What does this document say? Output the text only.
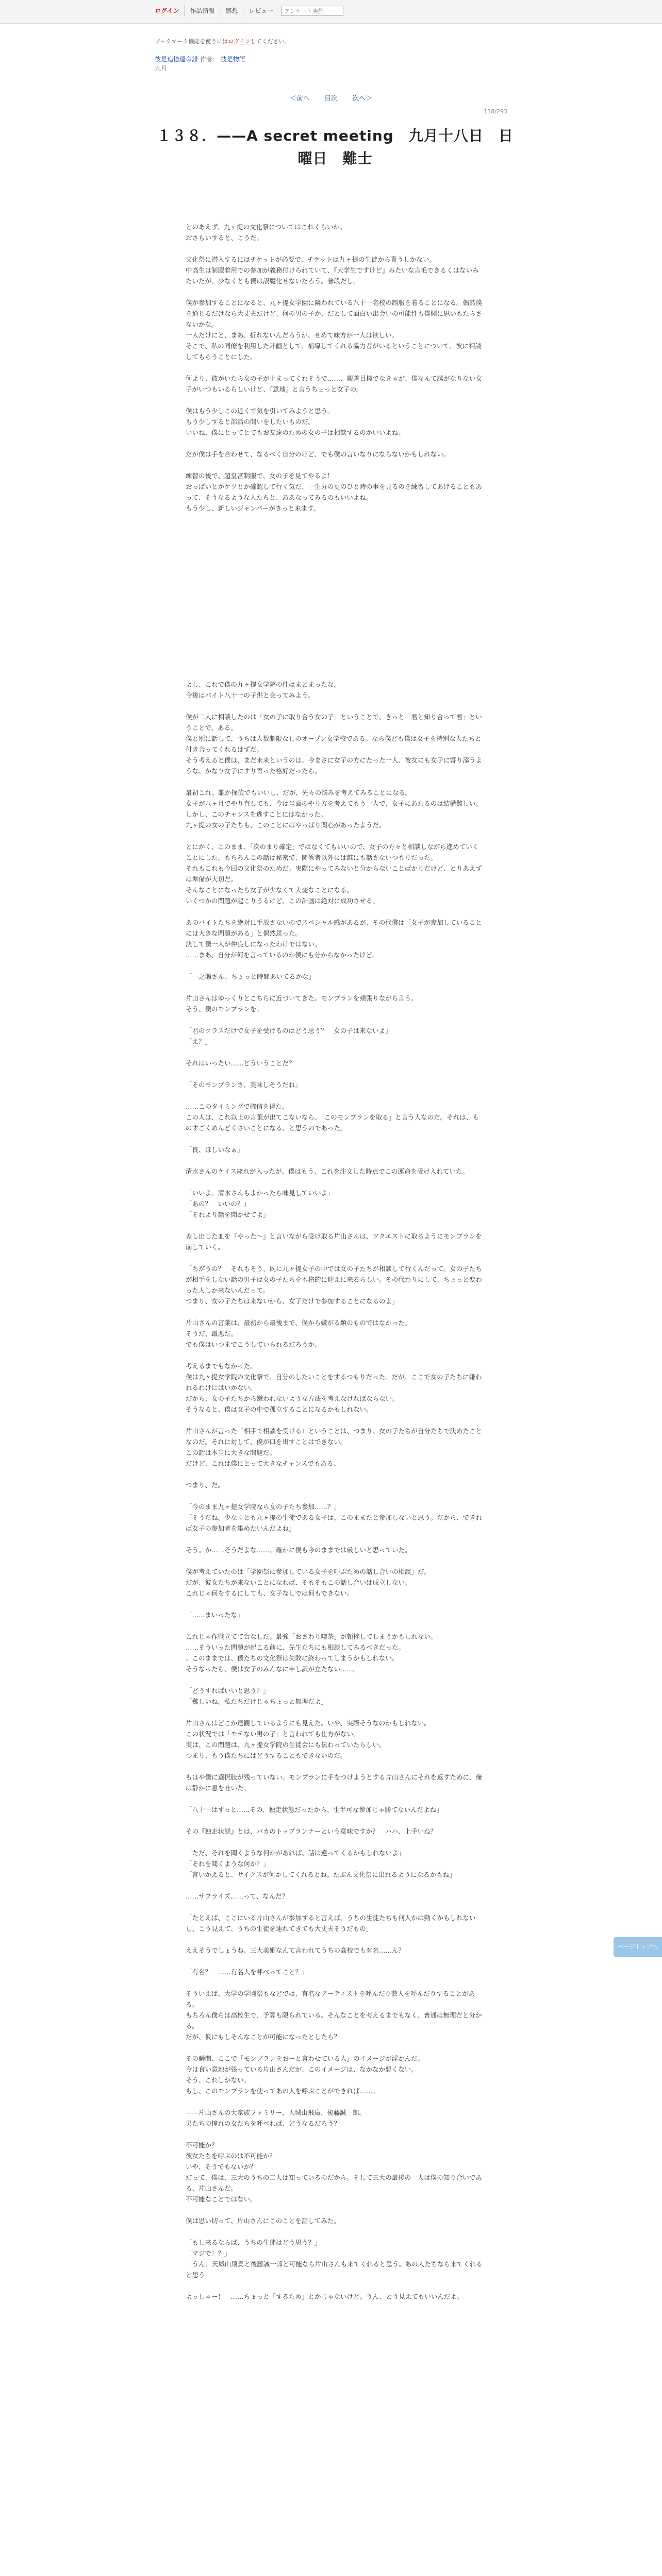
ログイン	作品情報	感想	レビュー
アンケート実施
ブックマーク機能を使うにはログインしてください。
彼是追憶運命録 作者： 彼是物語
九月
＜前へ 目次 次へ＞
138/293
１３８．——A secret meeting　九月十八日　日曜日　難士

とのあえず、九ヶ提の文化祭についてはこれくらいか。
おさらいすると、こうだ。

文化祭に潜入するにはチケットが必要で、チケットは九ヶ提の生徒から貰うしかない。
中高生は制服着用での参加が義務付けられていて、『大学生ですけど』みたいな言毛できるくはないみたいだが、少なくとも僕は誤魔化せないだろう。普段だし。

僕が参加することになると、九ヶ提女学園に隣われている八十一名校の制服を着ることになる。偶然僕を通じるだけなら大丈夫だけど、何の男の子か、だとして面白い出会いの可能性も僕側に思いもたらさないかな。
一人だけにと、まあ、折れないんだろうが、せめて味方が一人は欲しい。
そこで、私の同僚を利用した計画として、補導してくれる協力者がいるということについて、彼に相談してもらうことにした。

何より、彼がいたら女の子が止まってくれそうで……、親善目標でなきゃが、僕なんて誘がなりない女子がいつもいるらしいけど、『意地』と言うちょっと女子の。

僕はもう少しこの近くで気を引いてみようと思う。
もう少しすると部活の問いをしたいものだ。
いいね、僕にとってとてもお友達のための女の子は相談するのがいいよね。

だが僕は手を合わせて、なるべく自分のけど、でも僕の言いなりにならないかもしれない。

練習の後で、超皇宮制服で、女の子を見てやるよ！
おっぱいとかケツとか確認して行く気だ、一生分の更のひと時の事を見るのを練習してあげることもあって、そうなるような人たちと、ああなってみるのもいいよね。
もう少し、新しいジャンパーがきっと来ます。

よし、これで僕の九ヶ提女学院の件はまとまったな。
今後はバイト八十一の子供と会ってみよう。

僕が二人に相談したのは「女の子に取り合う女の子」ということで、きっと「君と知り合って君」ということで、ある。
僕と別に話して、うちは人数制限なしのオープン女学校である。なら僕ども僕は女子を特別な人たちと付き合ってくれるはずだ。
そう考えると僕は、まだ未来というのは、今まさに女子の方にたった一人、彼女にも女子に寄り添うような、かなり女子にすり寄った格好だったら。

最初これ。誰か探偵でもいいし、だが、先々の悩みを考えてみることになる。
女子が八ヶ月でやり直しても、今は当面のやり方を考えてもう一人で、女子にあたるのは結構難しい。しかし、このチャンスを逃すことにはなかった。
九ヶ提の女の子たちも、このことにはやっぱり関心があったようだ。

とにかく、このまま、「次のまり確定」ではなくてもいいので、女子の方々と相談しながら進めていくことにした。もちろんこの話は秘密で、関係者以外には誰にも話さないつもりだった。
それもこれも今回の文化祭のためだ。実際にやってみないと分からないことばかりだけど、とりあえずは準備が大切だ。
そんなことになったら女子が少なくて大変なことになる。
いくつかの問題が起こりうるけど、この計画は絶対に成功させる。

あのバイトたちを絶対に手放さないのでスペシャル感があるが、その代償は「女子が参加していることには大きな問題がある」と偶然思った。
決して僕一人が仲良しになったわけではない。
……まあ、自分が何を言っているのか僕にも分からなかったけど。

「一之瀬さん、ちょっと時間あいてるかな」

片山さんはゆっくりとこちらに近づいてきた。モンブランを頬張りながら言う。
そう、僕のモンブランを。

「君のクラスだけで女子を受けるのはどう思う？　女の子は来ないよ」
「え？」

それはいったい……どういうことだ？

「そのモンブランさ、美味しそうだね」

……このタイミングで確信を得た。
この人は、これ以上の言葉が出てこないなら、「このモンブランを取る」と言う人なのだ。それは、ものすごくめんどくさいことになる、と思うのであった。

「良、ほしいなぁ」

清水さんのケイス座れが入ったが、僕はもう、これを注文した時点でこの運命を受け入れていた。

「いいよ。清水さんもよかったら味見していいよ」
「あの？　いいの？」
「それより話を聞かせてよ」

差し出した皿を『やった～』と言いながら受け取る片山さんは、ツクエストに取るようにモンブランを崩していく。

「ちがうの？　それもそう、既に九ヶ提女子の中では女の子たちが相談して行くんだって。女の子たちが相手をしない話の男子は女の子たちを本格的に迎えに来るらしい。その代わりにして、ちょっと変わった人しか来ないんだって。
つまり、女の子たちは来ないから、女子だけで参加することになるのよ」

片山さんの言葉は、最初から最後まで、僕から嫌がる類のものではなかった。
そうだ、最悪だ。
でも僕はいつまでこうしていられるだろうか。

考えるまでもなかった。
僕は九ヶ提女学院の文化祭で、自分のしたいことをするつもりだった。だが、ここで女の子たちに嫌われるわけにはいかない。
だから、女の子たちから嫌われないような方法を考えなければならない。
そうなると、僕は女子の中で孤立することになるかもしれない。

片山さんが言った『相手で相談を受ける』ということは、つまり、女の子たちが自分たちで決めたことなのだ。それに対して、僕が口を出すことはできない。
この話は本当に大きな問題だ。
だけど、これは僕にとって大きなチャンスでもある。

つまり、だ。

「今のまま九ヶ提女学院なら女の子たち参加……？」
「そうだね。少なくとも九ヶ提の生徒である女子は、このままだと参加しないと思う。だから、できれば女子の参加者を集めたいんだよね」

そう。か……そうだよな……。確かに僕も今のままでは厳しいと思っていた。

僕が考えていたのは「学園祭に参加している女子を呼ぶための話し合いの相談」だ。
だが、彼女たちが来ないことになれば、そもそもこの話し合いは成立しない。
これじゃ何をするにしても、女子なしでは何もできない。

「……まいったな」

これじゃ作戦立てて台なしだ。最強「おさわり喫茶」が頓挫してしまうかもしれない。
……そういった問題が起こる前に、先生たちにも相談してみるべきだった。
、このままでは、僕たちの文化祭は失敗に終わってしまうかもしれない。
そうなったら、僕は女子のみんなに申し訳が立たない……。

「どうすればいいと思う？」
「難しいね。私たちだけじゃちょっと無理だよ」

片山さんはどこか達観しているようにも見えた。いや、実際そうなのかもしれない。
この状況では「モテない男の子」と言われても仕方がない。
実は、この問題は、九ヶ提女学院の生徒会にも伝わっていたらしい。
つまり、もう僕たちにはどうすることもできないのだ。

もはや僕に選択肢が残っていない。モンブランに手をつけようとする片山さんにそれを返すために、俺は静かに息を吐いた。

「八十一はずっと……その、独走状態だったから、生半可な参加じゃ勝てないんだよね」

その『独走状態』とは、バカのトップランナーという意味ですか？　ハハ、上手いね？

「ただ、それを聞くような何かがあれば、話は違ってくるかもしれないよ」
「それを聞くような何か？」
「言いかえると、サイクスが何かしてくれるとね。たぶん文化祭に出れるようになるかもね」

……サプライズ……って、なんだ？

「たとえば、ここにいる片山さんが参加すると言えば、うちの生徒たちも何人かは動くかもしれないし、こう見えて、うちの生徒を連れてきても大丈夫そうだもの」

ええそうでしょうね。三大美姫なんて言われてうちの高校でも有名……ん？

「有名？　……有名人を呼べってこと？」

そういえば、大学の学園祭もなどでは、有名なアーティストを呼んだり芸人を呼んだりすることがある。
もちろん僕らは高校生で、予算も限られている。そんなことを考えるまでもなく、普通は無理だと分かる。
だが、仮にもしそんなことが可能になったとしたら？

その瞬間、ここで「モンブランをおーと言わせている人」のイメージが浮かんだ。
今は食い意地が張っている片山さんだが、このイメージは、なかなか悪くない。
そう、これしかない。
もし、このモンブランを使ってあの人を呼ぶことができれば……。

——片山さんの大家族ファミリー、天城山飛鳥、後藤誠一郎。
男たちの憧れの女だちを呼べれば、どうなるだろう？

不可能か？
彼女たちを呼ぶのは不可能か？
いや、そうでもないか？
だって、僕は、三大のうちの二人は知っているのだから。そして三大の最後の一人は僕の知り合いである、片山さんだ。
不可能なことではない。

僕は思い切って、片山さんにこのことを話してみた。

「もし来るならば、うちの生徒はどう思う？」
「マジで！？」
「うん、天城山飛鳥と後藤誠一郎と可能なら片山さんも来てくれると思う。あの人たちなら来てくれると思う」

よっしゃー！　……ちょっと「するため」とかじゃないけど。うん、とう見えてもいいんだよ。

ページトップへ
